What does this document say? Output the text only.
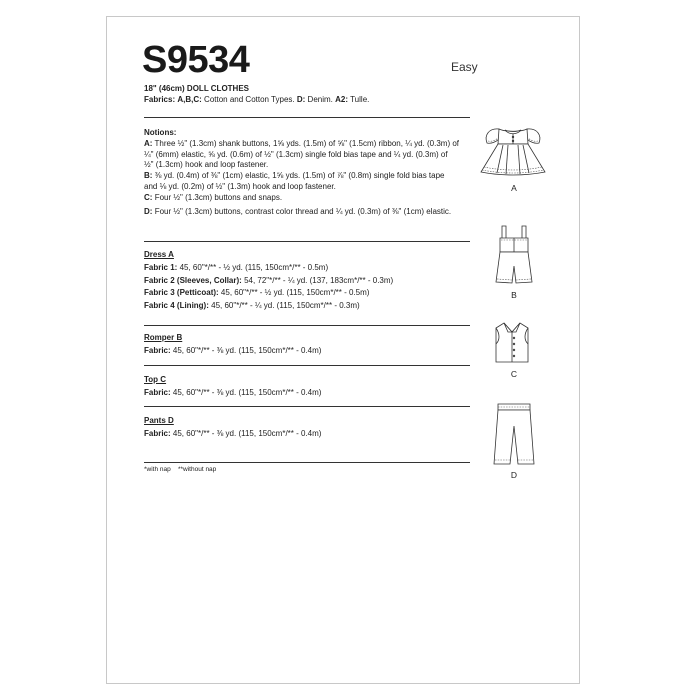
S9534	Easy
18" (46cm) DOLL CLOTHES
Fabrics: A,B,C: Cotton and Cotton Types. D: Denim. A2: Tulle.
Notions:
A: Three ½" (1.3cm) shank buttons, 1⅝ yds. (1.5m) of ⅝" (1.5cm) ribbon, ¼ yd. (0.3m) of
¼" (6mm) elastic, ⅝ yd. (0.6m) of ½" (1.3cm) single fold bias tape and ¼ yd. (0.3m) of
½" (1.3cm) hook and loop fastener.
B: ⅜ yd. (0.4m) of ⅜" (1cm) elastic, 1⅝ yds. (1.5m) of ⅞" (0.8m) single fold bias tape
and ⅛ yd. (0.2m) of ½" (1.3m) hook and loop fastener.
C: Four ½" (1.3cm) buttons and snaps.
D: Four ½" (1.3cm) buttons, contrast color thread and ¼ yd. (0.3m) of ⅜" (1cm) elastic.
Dress A
Fabric 1: 45, 60"*/** - ½ yd. (115, 150cm*/** - 0.5m)
Fabric 2 (Sleeves, Collar): 54, 72"*/** - ¼ yd. (137, 183cm*/** - 0.3m)
Fabric 3 (Petticoat): 45, 60"*/** - ½ yd. (115, 150cm*/** - 0.5m)
Fabric 4 (Lining): 45, 60"*/** - ¼ yd. (115, 150cm*/** - 0.3m)
Romper B
Fabric: 45, 60"*/** - ⅜ yd. (115, 150cm*/** - 0.4m)
Top C
Fabric: 45, 60"*/** - ⅜ yd. (115, 150cm*/** - 0.4m)
Pants D
Fabric: 45, 60"*/** - ⅜ yd. (115, 150cm*/** - 0.4m)
*with nap **without nap
A
B
C
D
